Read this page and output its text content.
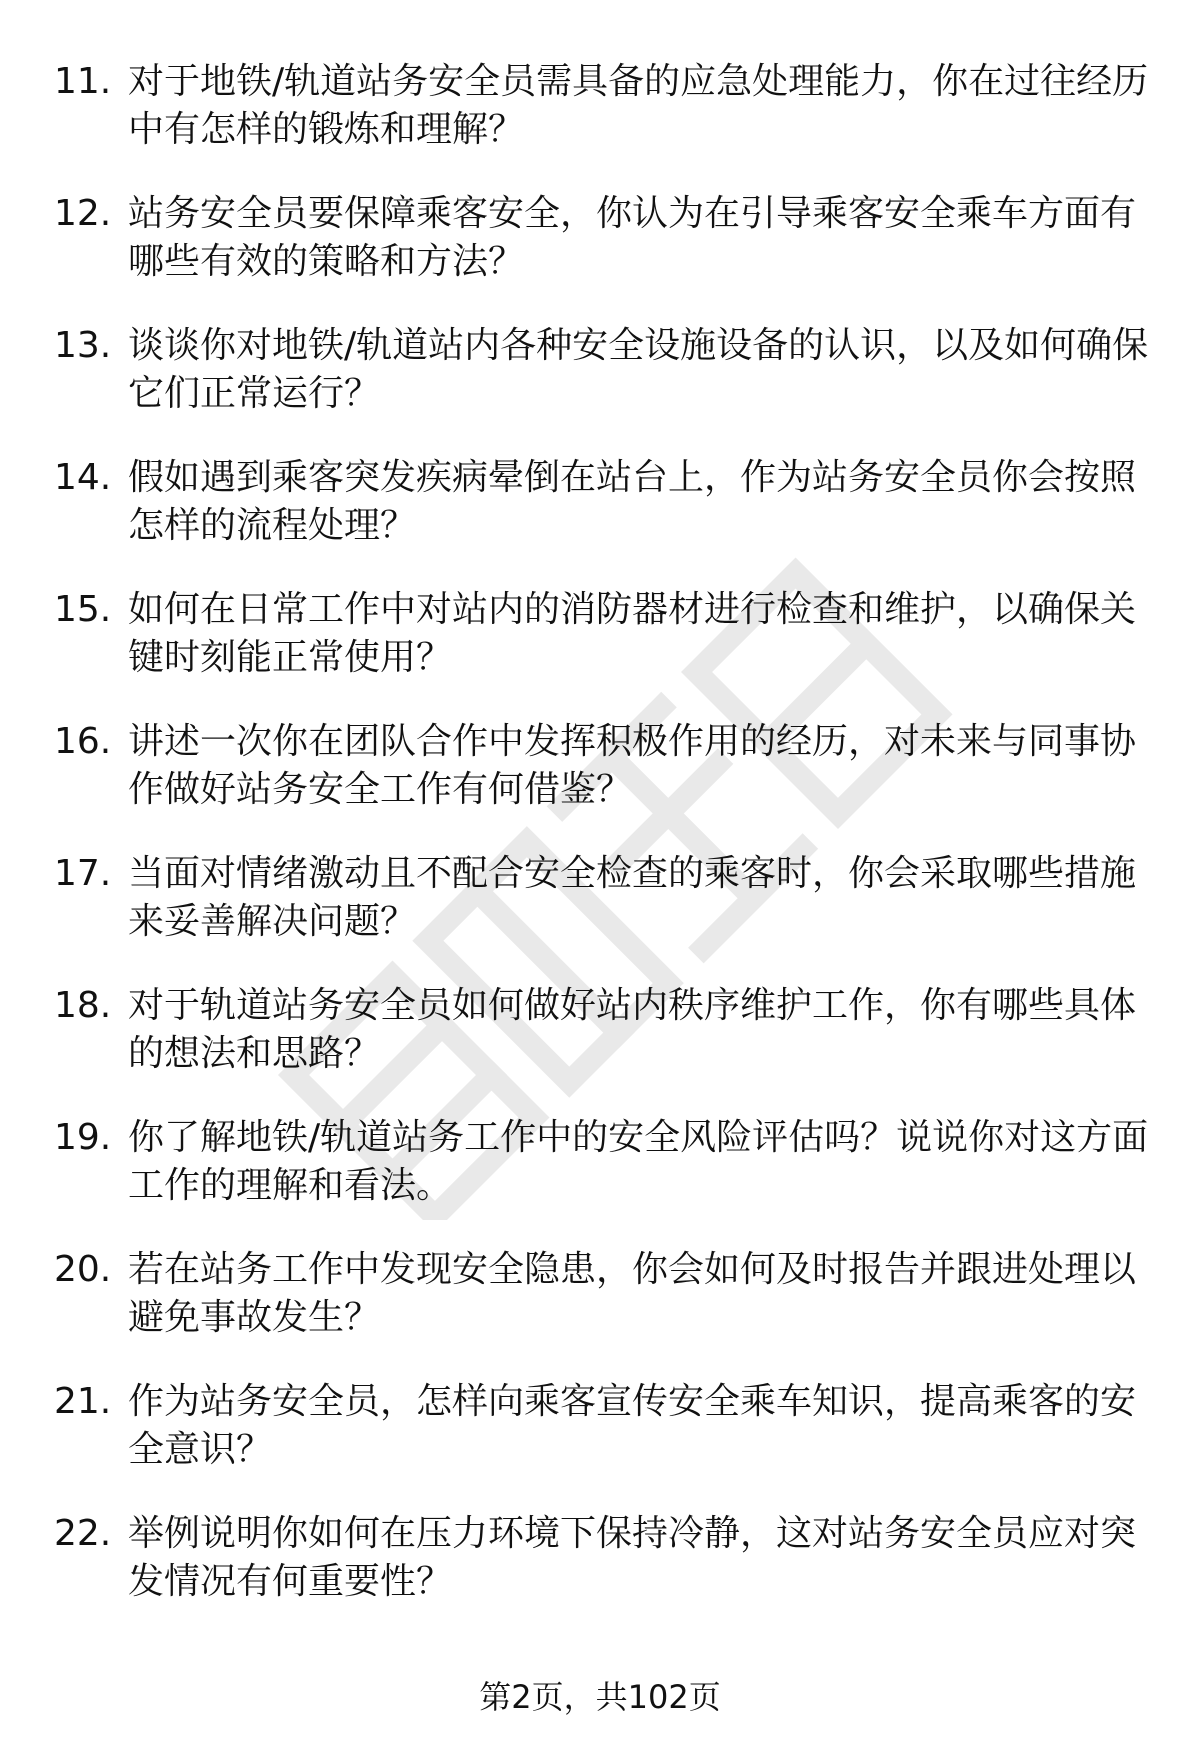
11. 对于地铁/轨道站务安全员需具备的应急处理能力，你在过往经历中有怎样的锻炼和理解？
12. 站务安全员要保障乘客安全，你认为在引导乘客安全乘车方面有哪些有效的策略和方法？
13. 谈谈你对地铁/轨道站内各种安全设施设备的认识，以及如何确保它们正常运行？
14. 假如遇到乘客突发疾病晕倒在站台上，作为站务安全员你会按照怎样的流程处理？
15. 如何在日常工作中对站内的消防器材进行检查和维护，以确保关键时刻能正常使用？
16. 讲述一次你在团队合作中发挥积极作用的经历，对未来与同事协作做好站务安全工作有何借鉴？
17. 当面对情绪激动且不配合安全检查的乘客时，你会采取哪些措施来妥善解决问题？
18. 对于轨道站务安全员如何做好站内秩序维护工作，你有哪些具体的想法和思路？
19. 你了解地铁/轨道站务工作中的安全风险评估吗？说说你对这方面工作的理解和看法。
20. 若在站务工作中发现安全隐患，你会如何及时报告并跟进处理以避免事故发生？
21. 作为站务安全员，怎样向乘客宣传安全乘车知识，提高乘客的安全意识？
22. 举例说明你如何在压力环境下保持冷静，这对站务安全员应对突发情况有何重要性？
第2页，共102页
